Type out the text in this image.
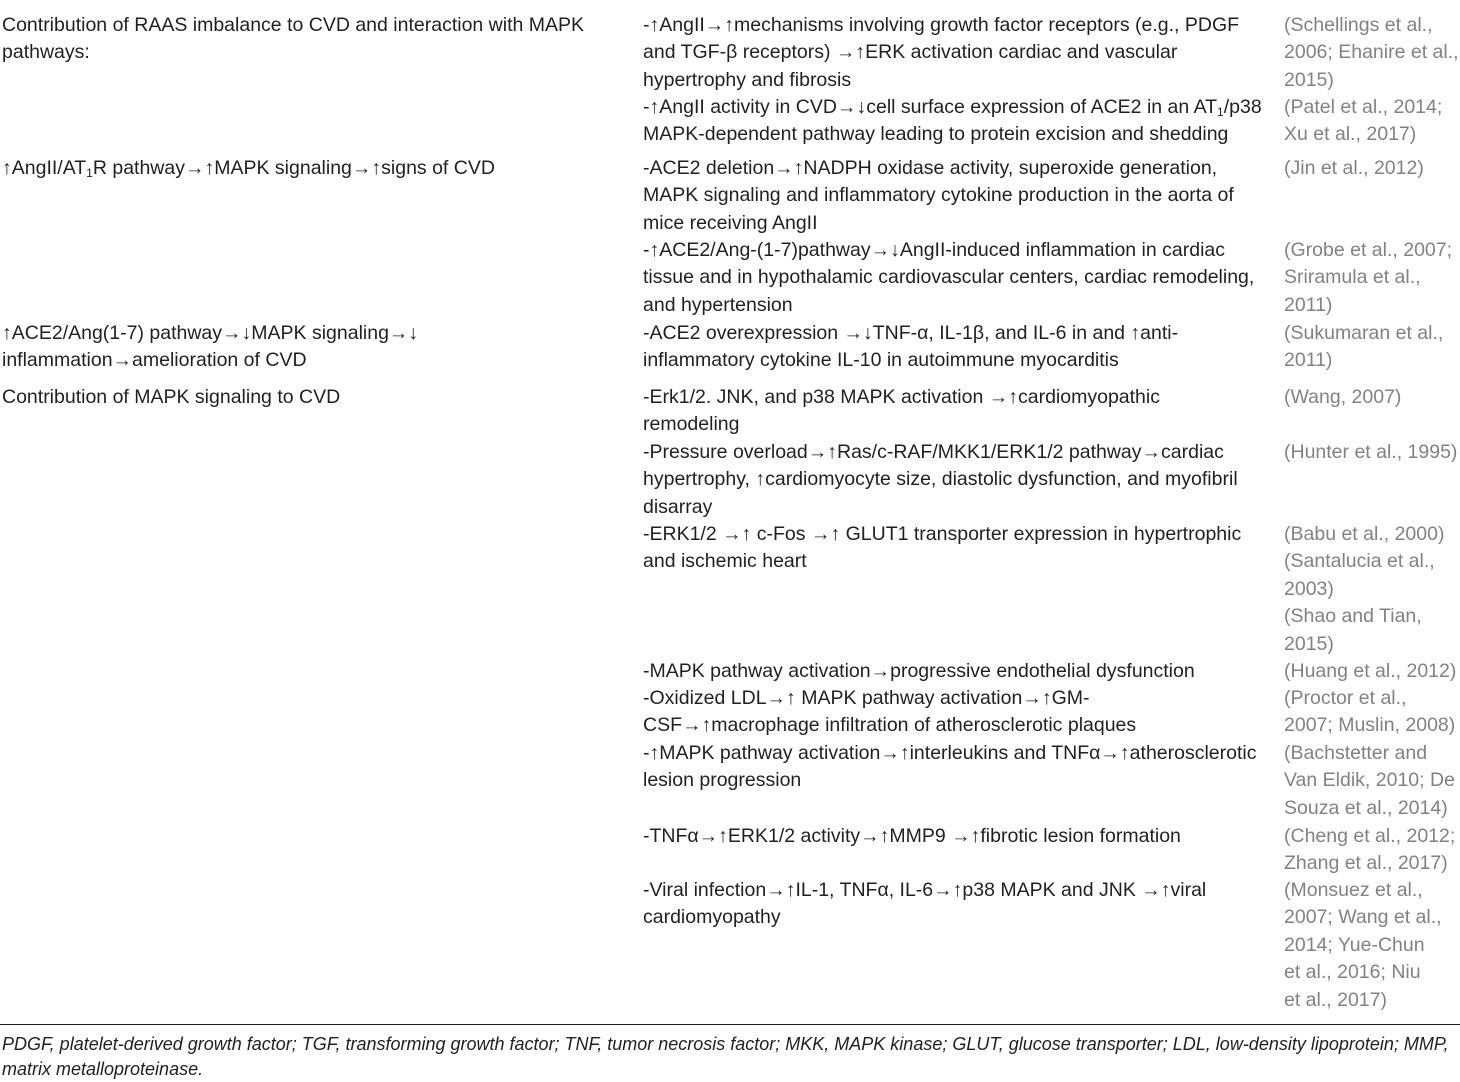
Contribution of RAAS imbalance to CVD and interaction with MAPK pathways:
$↑AngII/AT_1R$ pathway→↑MAPK signaling→↑signs of CVD
↑ACE2/Ang(1-7) pathway→↓MAPK signaling→↓
inflammation→amelioration of CVD
Contribution of MAPK signaling to CVD
-↑AngII→↑mechanisms involving growth factor receptors (e.g., PDGF
and TGF-β receptors) →↑ERK activation cardiac and vascular
hypertrophy and fibrosis
-↑AngII activity in CVD→↓cell surface expression of ACE2 in an $AT_1/p38$
MAPK-dependent pathway leading to protein excision and shedding
-ACE2 deletion→↑NADPH oxidase activity, superoxide generation,
MAPK signaling and inflammatory cytokine production in the aorta of
mice receiving AngII
-↑ACE2/Ang-(1-7)pathway→↓AngII-induced inflammation in cardiac
tissue and in hypothalamic cardiovascular centers, cardiac remodeling,
and hypertension
-ACE2 overexpression →↓TNF-α, IL-1β, and IL-6 in and ↑anti-
inflammatory cytokine IL-10 in autoimmune myocarditis
-Erk1/2. JNK, and p38 MAPK activation →↑cardiomyopathic
remodeling
-Pressure overload→↑Ras/c-RAF/MKK1/ERK1/2 pathway→cardiac
hypertrophy, ↑cardiomyocyte size, diastolic dysfunction, and myofibril
disarray
-ERK1/2 →↑ c-Fos →↑ GLUT1 transporter expression in hypertrophic
and ischemic heart
-MAPK pathway activation→progressive endothelial dysfunction
-Oxidized LDL→↑ MAPK pathway activation→↑GM-
CSF→↑macrophage infiltration of atherosclerotic plaques
-↑MAPK pathway activation→↑interleukins and TNFα→↑atherosclerotic
lesion progression
-TNFα→↑ERK1/2 activity→↑MMP9 →↑fibrotic lesion formation
-Viral infection→↑IL-1, TNFα, IL-6→↑p38 MAPK and JNK →↑viral
cardiomyopathy
(Schellings et al.,
2006; Ehanire et al.,
2015)
(Patel et al., 2014;
Xu et al., 2017)
(Jin et al., 2012)
(Grobe et al., 2007;
Sriramula et al.,
2011)
(Sukumaran et al.,
2011)
(Wang, 2007)
(Hunter et al., 1995)
(Babu et al., 2000)
(Santalucia et al.,
2003)
(Shao and Tian,
2015)
(Huang et al., 2012)
(Proctor et al.,
2007; Muslin, 2008)
(Bachstetter and
Van Eldik, 2010; De
Souza et al., 2014)
(Cheng et al., 2012;
Zhang et al., 2017)
(Monsuez et al.,
2007; Wang et al.,
2014; Yue-Chun
et al., 2016; Niu
et al., 2017)
PDGF, platelet-derived growth factor; TGF, transforming growth factor; TNF, tumor necrosis factor; MKK, MAPK kinase; GLUT, glucose transporter; LDL, low-density lipoprotein; MMP, matrix metalloproteinase.
